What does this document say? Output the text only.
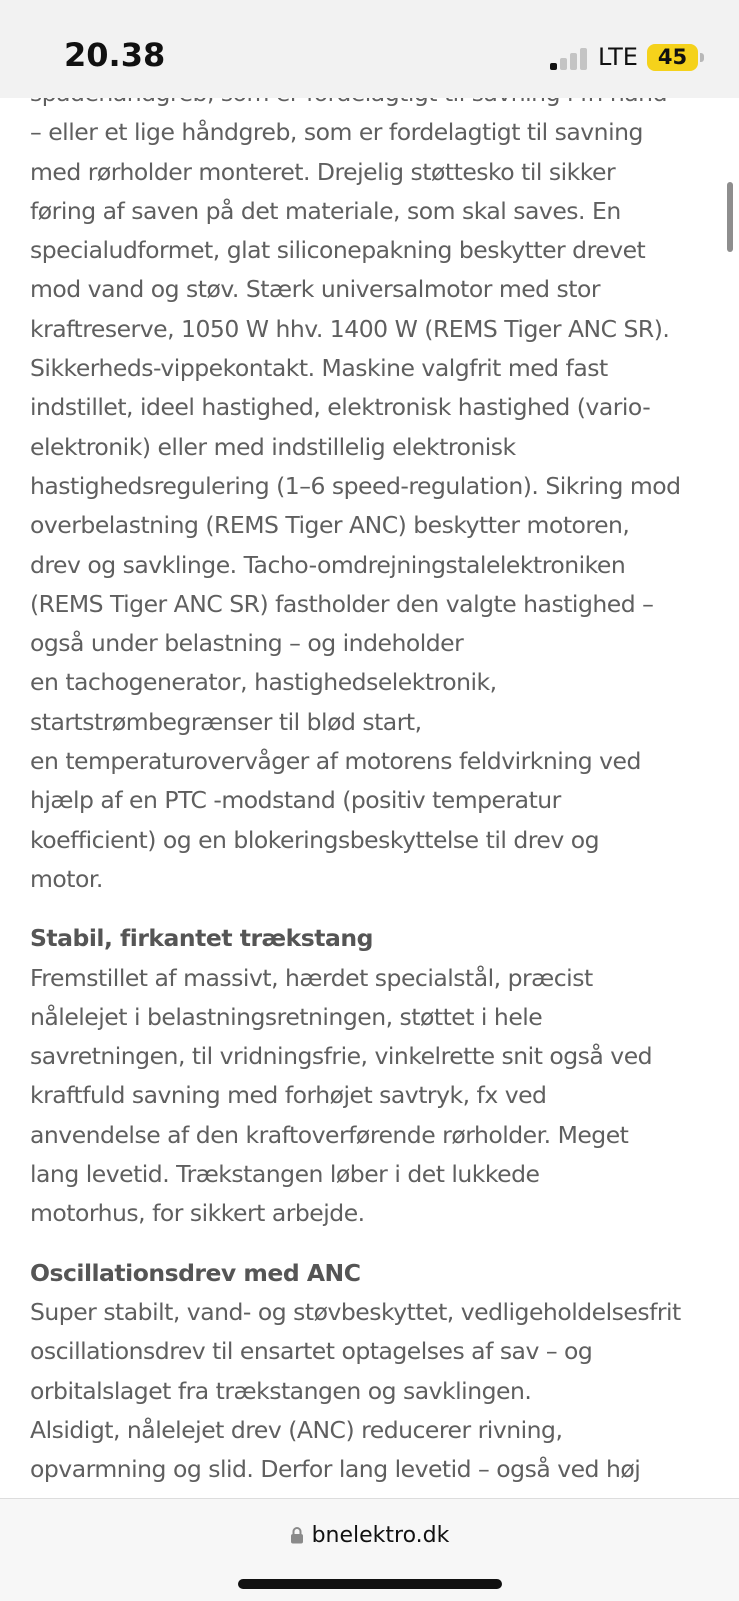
– eller et lige håndgreb, som er fordelagtigt til savning
med rørholder monteret. Drejelig støttesko til sikker
føring af saven på det materiale, som skal saves. En
specialudformet, glat siliconepakning beskytter drevet
mod vand og støv. Stærk universalmotor med stor
kraftreserve, 1050 W hhv. 1400 W (REMS Tiger ANC SR).
Sikkerheds-vippekontakt. Maskine valgfrit med fast
indstillet, ideel hastighed, elektronisk hastighed (vario-
elektronik) eller med indstillelig elektronisk
hastighedsregulering (1–6 speed-regulation). Sikring mod
overbelastning (REMS Tiger ANC) beskytter motoren,
drev og savklinge. Tacho-omdrejningstalelektroniken
(REMS Tiger ANC SR) fastholder den valgte hastighed –
også under belastning – og indeholder
en tachogenerator, hastighedselektronik,
startstrømbegrænser til blød start,
en temperaturovervåger af motorens feldvirkning ved
hjælp af en PTC -modstand (positiv temperatur
koefficient) og en blokeringsbeskyttelse til drev og
motor.
Stabil, firkantet trækstang
Fremstillet af massivt, hærdet specialstål, præcist
nålelejet i belastningsretningen, støttet i hele
savretningen, til vridningsfrie, vinkelrette snit også ved
kraftfuld savning med forhøjet savtryk, fx ved
anvendelse af den kraftoverførende rørholder. Meget
lang levetid. Trækstangen løber i det lukkede
motorhus, for sikkert arbejde.
Oscillationsdrev med ANC
Super stabilt, vand- og støvbeskyttet, vedligeholdelsesfrit
oscillationsdrev til ensartet optagelses af sav – og
orbitalslaget fra trækstangen og savklingen.
Alsidigt, nålelejet drev (ANC) reducerer rivning,
opvarmning og slid. Derfor lang levetid – også ved høj
20.38	LTE 45
bnelektro.dk
